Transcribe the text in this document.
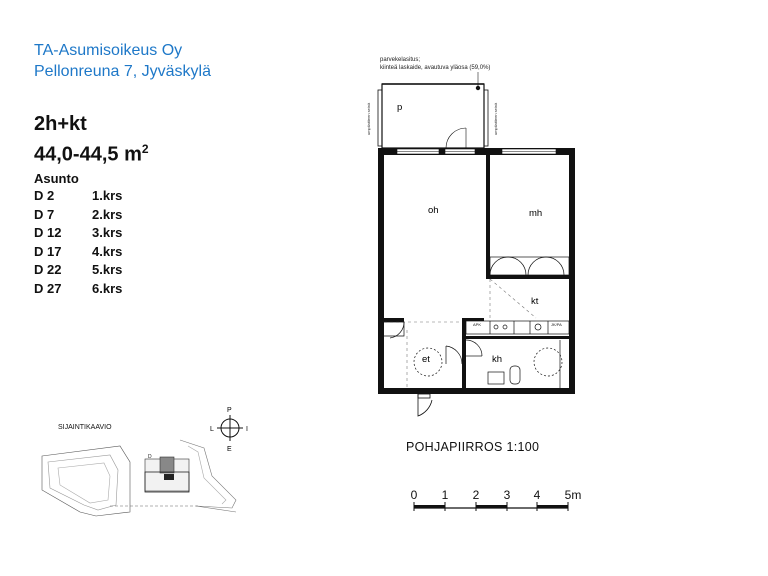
TA-Asumisoikeus Oy
Pellonreuna 7, Jyväskylä
2h+kt
44,0-44,5 $m^2$
Asunto
D 2	1.krs
D 7	2.krs
D 12	3.krs
D 17	4.krs
D 22	5.krs
D 27	6.krs
parvekelasitus;
kiinteä laskaide, avautuva yläosa (59,0%)
umpilaitteen seinä	umpilaitteen seinä
APK	JK/PA
p
oh	mh
kt
et	kh
P
E
L	I
D
SIJAINTIKAAVIO
POHJAPIIRROS 1:100
0	1	2	3	4	5m
